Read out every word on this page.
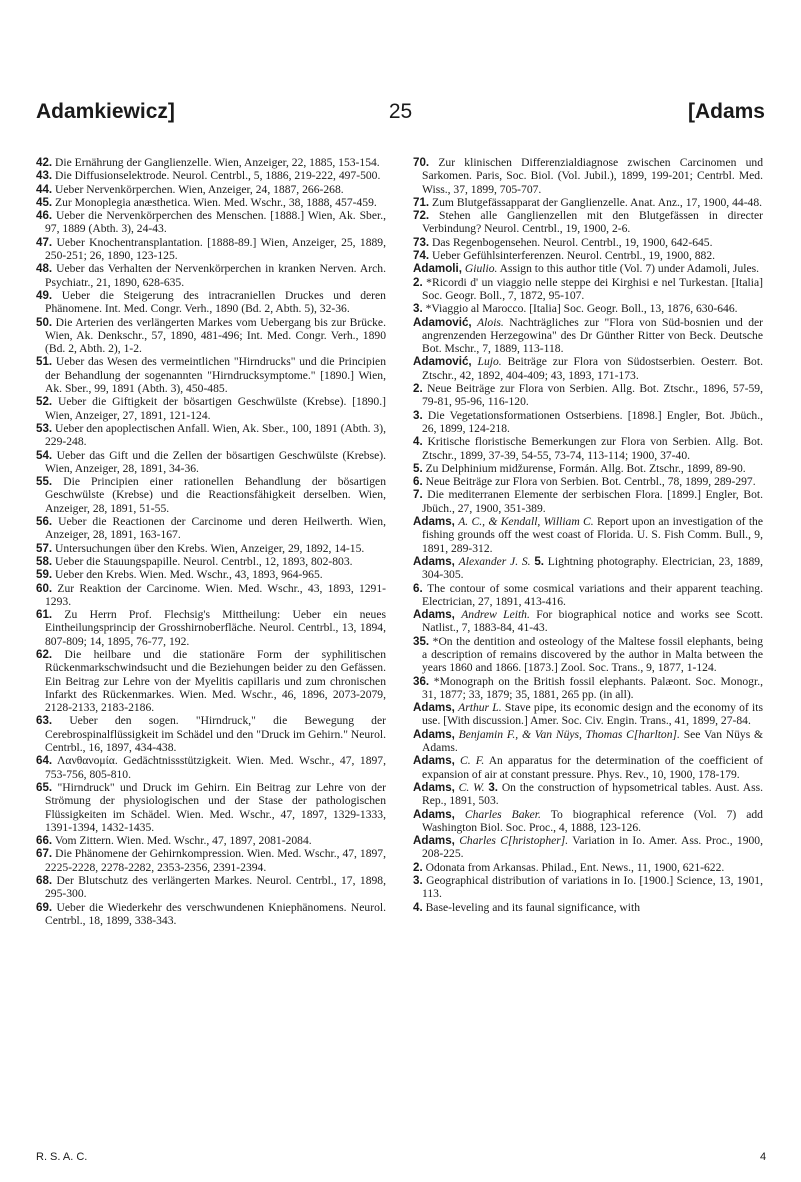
Adamkiewicz]	25	[Adams

42. Die Ernährung der Ganglienzelle. Wien, Anzeiger, 22, 1885, 153-154.

43. Die Diffusionselektrode. Neurol. Centrbl., 5, 1886, 219-222, 497-500.

44. Ueber Nervenkörperchen. Wien, Anzeiger, 24, 1887, 266-268.

45. Zur Monoplegia anæsthetica. Wien. Med. Wschr., 38, 1888, 457-459.

46. Ueber die Nervenkörperchen des Menschen. [1888.] Wien, Ak. Sber., 97, 1889 (Abth. 3), 24-43.

47. Ueber Knochentransplantation. [1888-89.] Wien, Anzeiger, 25, 1889, 250-251; 26, 1890, 123-125.

48. Ueber das Verhalten der Nervenkörperchen in kranken Nerven. Arch. Psychiatr., 21, 1890, 628-635.

49. Ueber die Steigerung des intracraniellen Druckes und deren Phänomene. Int. Med. Congr. Verh., 1890 (Bd. 2, Abth. 5), 32-36.

50. Die Arterien des verlängerten Markes vom Uebergang bis zur Brücke. Wien, Ak. Denkschr., 57, 1890, 481-496; Int. Med. Congr. Verh., 1890 (Bd. 2, Abth. 2), 1-2.

51. Ueber das Wesen des vermeintlichen "Hirndrucks" und die Principien der Behandlung der sogenannten "Hirndrucksymptome." [1890.] Wien, Ak. Sber., 99, 1891 (Abth. 3), 450-485.

52. Ueber die Giftigkeit der bösartigen Geschwülste (Krebse). [1890.] Wien, Anzeiger, 27, 1891, 121-124.

53. Ueber den apoplectischen Anfall. Wien, Ak. Sber., 100, 1891 (Abth. 3), 229-248.

54. Ueber das Gift und die Zellen der bösartigen Geschwülste (Krebse). Wien, Anzeiger, 28, 1891, 34-36.

55. Die Principien einer rationellen Behandlung der bösartigen Geschwülste (Krebse) und die Reactionsfähigkeit derselben. Wien, Anzeiger, 28, 1891, 51-55.

56. Ueber die Reactionen der Carcinome und deren Heilwerth. Wien, Anzeiger, 28, 1891, 163-167.

57. Untersuchungen über den Krebs. Wien, Anzeiger, 29, 1892, 14-15.

58. Ueber die Stauungspapille. Neurol. Centrbl., 12, 1893, 802-803.

59. Ueber den Krebs. Wien. Med. Wschr., 43, 1893, 964-965.

60. Zur Reaktion der Carcinome. Wien. Med. Wschr., 43, 1893, 1291-1293.

61. Zu Herrn Prof. Flechsig's Mittheilung: Ueber ein neues Eintheilungsprincip der Grosshirnoberfläche. Neurol. Centrbl., 13, 1894, 807-809; 14, 1895, 76-77, 192.

62. Die heilbare und die stationäre Form der syphilitischen Rückenmarkschwindsucht und die Beziehungen beider zu den Gefässen. Ein Beitrag zur Lehre von der Myelitis capillaris und zum chronischen Infarkt des Rückenmarkes. Wien. Med. Wschr., 46, 1896, 2073-2079, 2128-2133, 2183-2186.

63. Ueber den sogen. "Hirndruck," die Bewegung der Cerebrospinalflüssigkeit im Schädel und den "Druck im Gehirn." Neurol. Centrbl., 16, 1897, 434-438.

64. Λανθανομία. Gedächtnissstützigkeit. Wien. Med. Wschr., 47, 1897, 753-756, 805-810.

65. "Hirndruck" und Druck im Gehirn. Ein Beitrag zur Lehre von der Strömung der physiologischen und der Stase der pathologischen Flüssigkeiten im Schädel. Wien. Med. Wschr., 47, 1897, 1329-1333, 1391-1394, 1432-1435.

66. Vom Zittern. Wien. Med. Wschr., 47, 1897, 2081-2084.

67. Die Phänomene der Gehirnkompression. Wien. Med. Wschr., 47, 1897, 2225-2228, 2278-2282, 2353-2356, 2391-2394.

68. Der Blutschutz des verlängerten Markes. Neurol. Centrbl., 17, 1898, 295-300.

69. Ueber die Wiederkehr des verschwundenen Kniephänomens. Neurol. Centrbl., 18, 1899, 338-343.

70. Zur klinischen Differenzialdiagnose zwischen Carcinomen und Sarkomen. Paris, Soc. Biol. (Vol. Jubil.), 1899, 199-201; Centrbl. Med. Wiss., 37, 1899, 705-707.

71. Zum Blutgefässapparat der Ganglienzelle. Anat. Anz., 17, 1900, 44-48.

72. Stehen alle Ganglienzellen mit den Blutgefässen in directer Verbindung? Neurol. Centrbl., 19, 1900, 2-6.

73. Das Regenbogensehen. Neurol. Centrbl., 19, 1900, 642-645.

74. Ueber Gefühlsinterferenzen. Neurol. Centrbl., 19, 1900, 882.

Adamoli, Giulio. Assign to this author title (Vol. 7) under Adamoli, Jules.

2. *Ricordi d' un viaggio nelle steppe dei Kirghisi e nel Turkestan. [Italia] Soc. Geogr. Boll., 7, 1872, 95-107.

3. *Viaggio al Marocco. [Italia] Soc. Geogr. Boll., 13, 1876, 630-646.

Adamović, Alois. Nachträgliches zur "Flora von Süd-bosnien und der angrenzenden Herzegowina" des Dr Günther Ritter von Beck. Deutsche Bot. Mschr., 7, 1889, 113-118.

Adamović, Lujo. Beiträge zur Flora von Südostserbien. Oesterr. Bot. Ztschr., 42, 1892, 404-409; 43, 1893, 171-173.

2. Neue Beiträge zur Flora von Serbien. Allg. Bot. Ztschr., 1896, 57-59, 79-81, 95-96, 116-120.

3. Die Vegetationsformationen Ostserbiens. [1898.] Engler, Bot. Jbüch., 26, 1899, 124-218.

4. Kritische floristische Bemerkungen zur Flora von Serbien. Allg. Bot. Ztschr., 1899, 37-39, 54-55, 73-74, 113-114; 1900, 37-40.

5. Zu Delphinium midžurense, Formán. Allg. Bot. Ztschr., 1899, 89-90.

6. Neue Beiträge zur Flora von Serbien. Bot. Centrbl., 78, 1899, 289-297.

7. Die mediterranen Elemente der serbischen Flora. [1899.] Engler, Bot. Jbüch., 27, 1900, 351-389.

Adams, A. C., & Kendall, William C. Report upon an investigation of the fishing grounds off the west coast of Florida. U. S. Fish Comm. Bull., 9, 1891, 289-312.

Adams, Alexander J. S. 5. Lightning photography. Electrician, 23, 1889, 304-305.

6. The contour of some cosmical variations and their apparent teaching. Electrician, 27, 1891, 413-416.

Adams, Andrew Leith. For biographical notice and works see Scott. Natlist., 7, 1883-84, 41-43.

35. *On the dentition and osteology of the Maltese fossil elephants, being a description of remains discovered by the author in Malta between the years 1860 and 1866. [1873.] Zool. Soc. Trans., 9, 1877, 1-124.

36. *Monograph on the British fossil elephants. Palæont. Soc. Monogr., 31, 1877; 33, 1879; 35, 1881, 265 pp. (in all).

Adams, Arthur L. Stave pipe, its economic design and the economy of its use. [With discussion.] Amer. Soc. Civ. Engin. Trans., 41, 1899, 27-84.

Adams, Benjamin F., & Van Nüys, Thomas C[harlton]. See Van Nüys & Adams.

Adams, C. F. An apparatus for the determination of the coefficient of expansion of air at constant pressure. Phys. Rev., 10, 1900, 178-179.

Adams, C. W. 3. On the construction of hypsometrical tables. Aust. Ass. Rep., 1891, 503.

Adams, Charles Baker. To biographical reference (Vol. 7) add Washington Biol. Soc. Proc., 4, 1888, 123-126.

Adams, Charles C[hristopher]. Variation in Io. Amer. Ass. Proc., 1900, 208-225.

2. Odonata from Arkansas. Philad., Ent. News., 11, 1900, 621-622.

3. Geographical distribution of variations in Io. [1900.] Science, 13, 1901, 113.

4. Base-leveling and its faunal significance, with

R. S. A. C.	4
